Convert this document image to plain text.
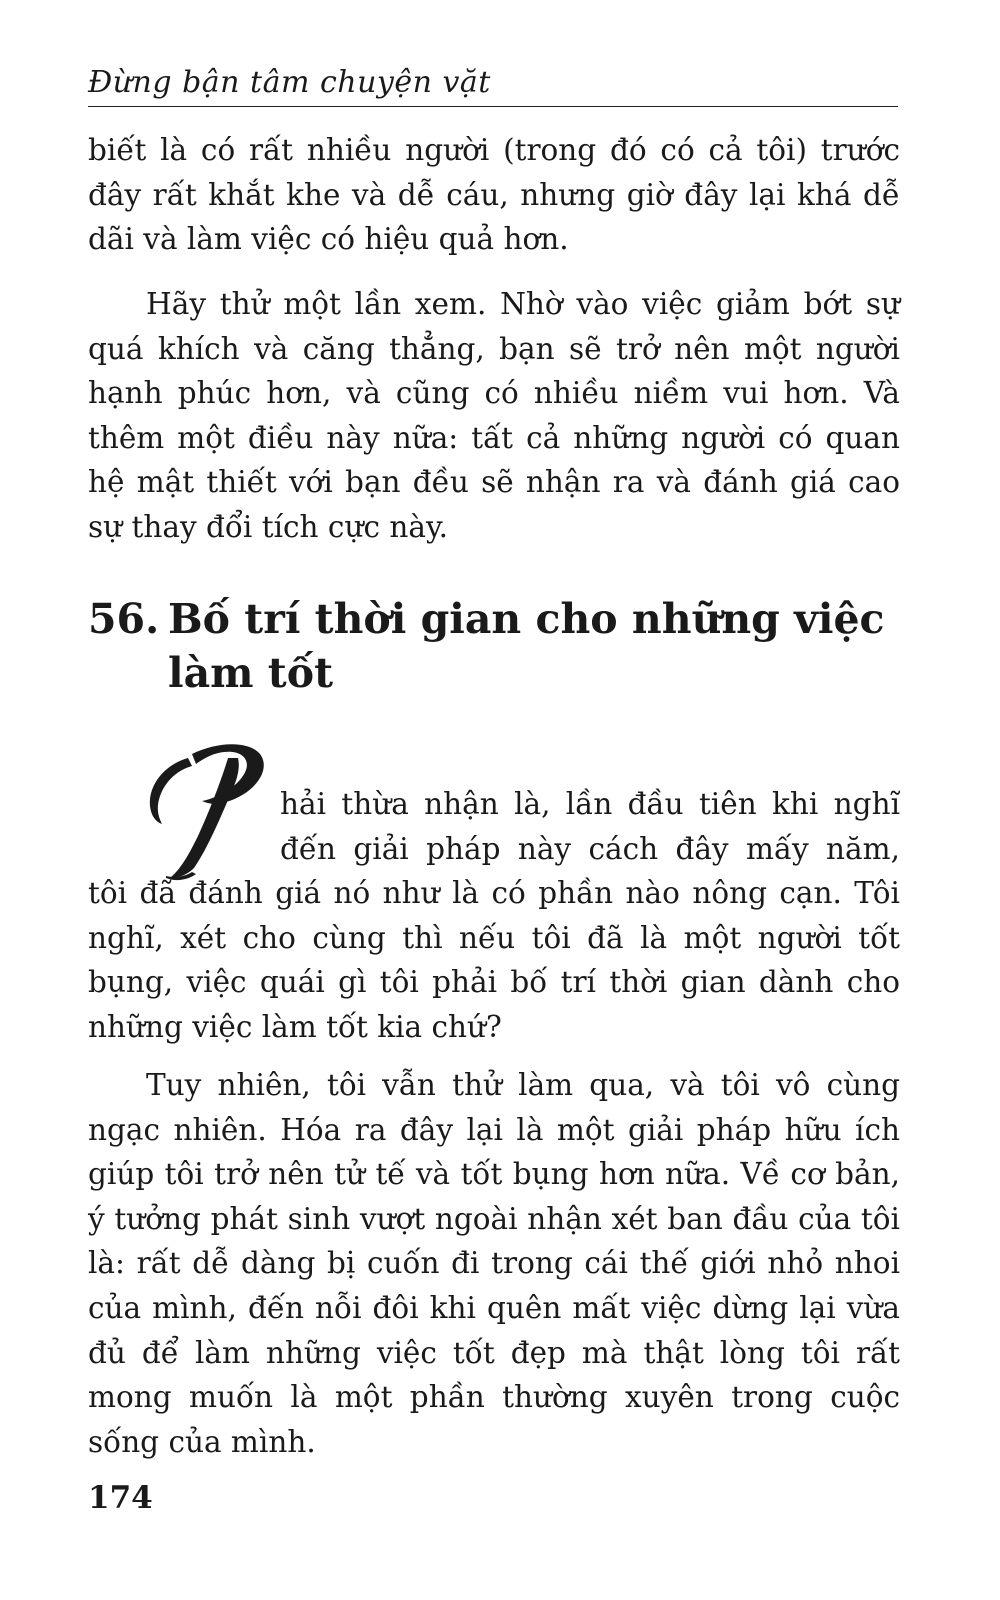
Đừng bận tâm chuyện vặt

biết là có rất nhiều người (trong đó có cả tôi) trước đây rất khắt khe và dễ cáu, nhưng giờ đây lại khá dễ dãi và làm việc có hiệu quả hơn.

Hãy thử một lần xem. Nhờ vào việc giảm bớt sự quá khích và căng thẳng, bạn sẽ trở nên một người hạnh phúc hơn, và cũng có nhiều niềm vui hơn. Và thêm một điều này nữa: tất cả những người có quan hệ mật thiết với bạn đều sẽ nhận ra và đánh giá cao sự thay đổi tích cực này.

56. Bố trí thời gian cho những việc làm tốt

hải thừa nhận là, lần đầu tiên khi nghĩ đến giải pháp này cách đây mấy năm,

tôi đã đánh giá nó như là có phần nào nông cạn. Tôi nghĩ, xét cho cùng thì nếu tôi đã là một người tốt bụng, việc quái gì tôi phải bố trí thời gian dành cho những việc làm tốt kia chứ?

Tuy nhiên, tôi vẫn thử làm qua, và tôi vô cùng ngạc nhiên. Hóa ra đây lại là một giải pháp hữu ích giúp tôi trở nên tử tế và tốt bụng hơn nữa. Về cơ bản, ý tưởng phát sinh vượt ngoài nhận xét ban đầu của tôi là: rất dễ dàng bị cuốn đi trong cái thế giới nhỏ nhoi của mình, đến nỗi đôi khi quên mất việc dừng lại vừa đủ để làm những việc tốt đẹp mà thật lòng tôi rất mong muốn là một phần thường xuyên trong cuộc sống của mình.

174
